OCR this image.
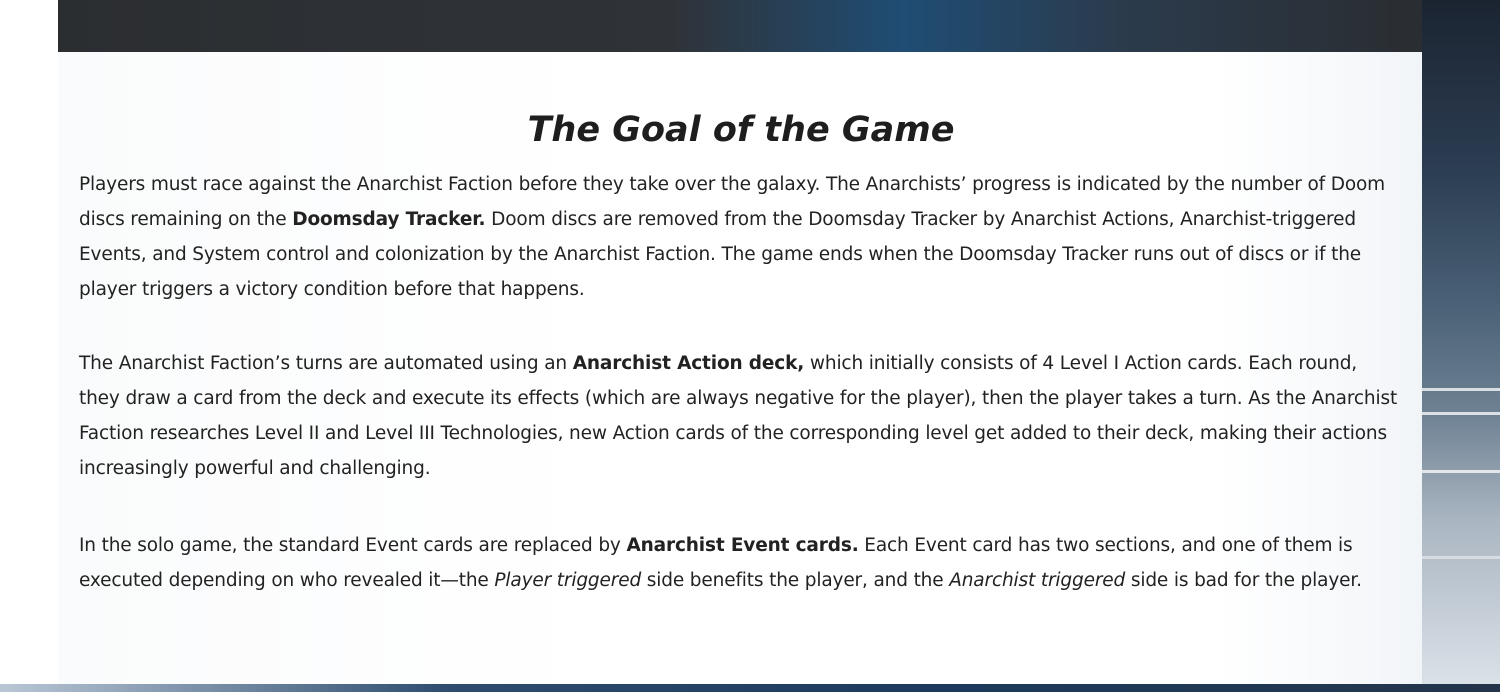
The Goal of the Game

Players must race against the Anarchist Faction before they take over the galaxy. The Anarchists’ progress is indicated by the number of Doom discs remaining on the Doomsday Tracker. Doom discs are removed from the Doomsday Tracker by Anarchist Actions, Anarchist-triggered Events, and System control and colonization by the Anarchist Faction. The game ends when the Doomsday Tracker runs out of discs or if the player triggers a victory condition before that happens.

The Anarchist Faction’s turns are automated using an Anarchist Action deck, which initially consists of 4 Level I Action cards. Each round, they draw a card from the deck and execute its effects (which are always negative for the player), then the player takes a turn. As the Anarchist Faction researches Level II and Level III Technologies, new Action cards of the corresponding level get added to their deck, making their actions increasingly powerful and challenging.

In the solo game, the standard Event cards are replaced by Anarchist Event cards. Each Event card has two sections, and one of them is executed depending on who revealed it—the Player triggered side benefits the player, and the Anarchist triggered side is bad for the player.
